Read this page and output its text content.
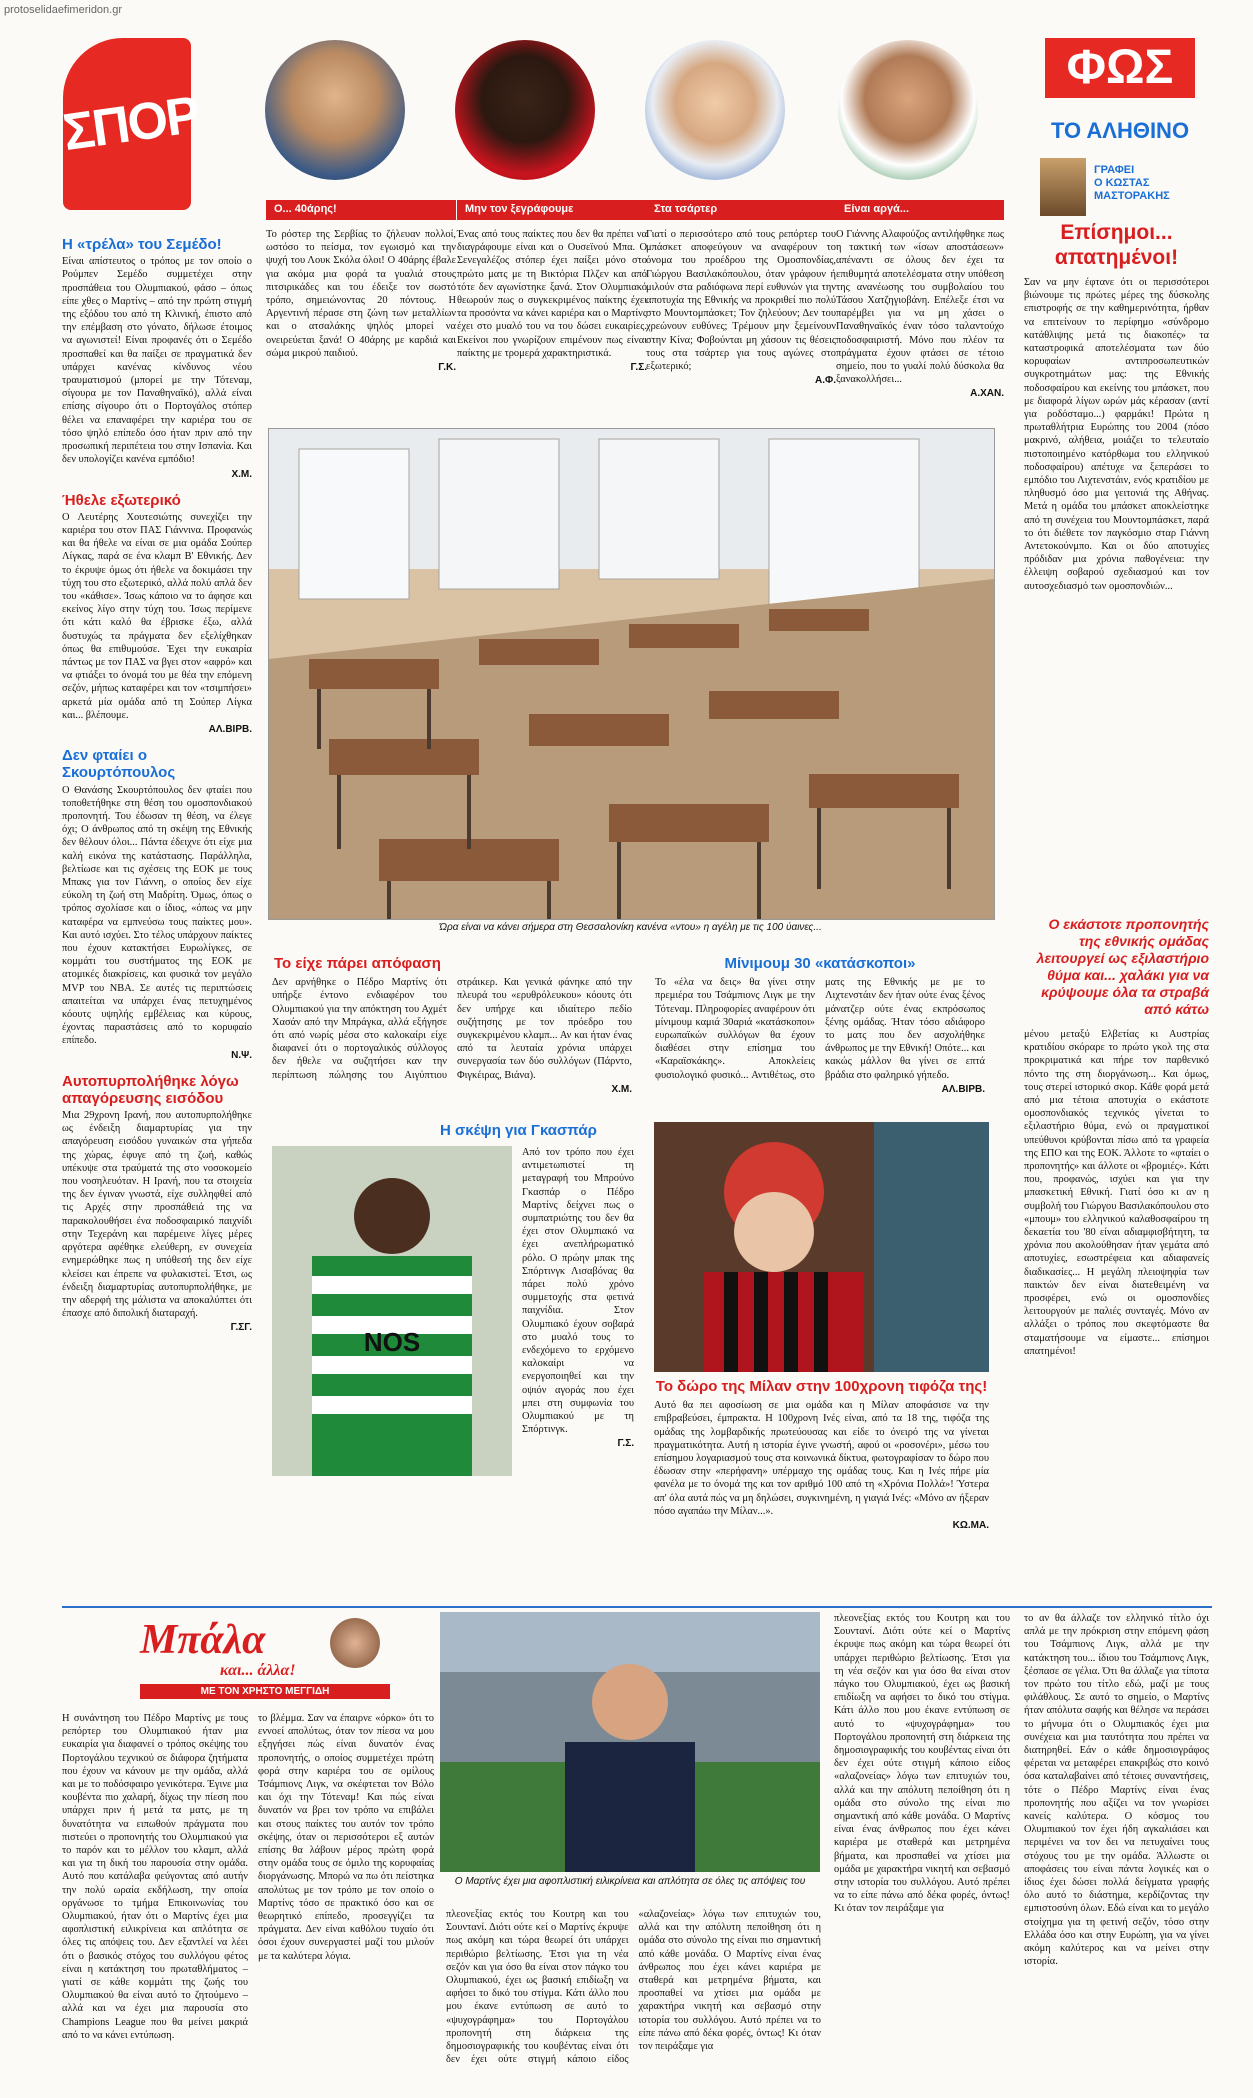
protoselidaefimeridon.gr
ΣΠΟΡ
Ο... 40άρης!
Το ρόστερ της Σερβίας το ζήλευαν πολλοί, ωστόσο το πείσμα, τον εγωισμό και την ψυχή του Λουκ Σκόλα όλοι! Ο 40άρης έβαλε για ακόμα μια φορά τα γυαλιά στους πιτσιρικάδες και του έδειξε τον σωστό τρόπο, σημειώνοντας 20 πόντους. Η Αργεντινή πέρασε στη ζώνη των μεταλλίων και ο ατσαλάκης ψηλός μπορεί να ονειρεύεται ξανά! Ο 40άρης με καρδιά και σώμα μικρού παιδιού.
Γ.Κ.
Μην τον ξεγράφουμε
Ένας από τους παίκτες που δεν θα πρέπει να διαγράφουμε είναι και ο Ουσεϊνού Μπα. Ο Σενεγαλέζος στόπερ έχει παίξει μόνο στο πρώτο ματς με τη Βικτόρια Πλζεν και από τότε δεν αγωνίστηκε ξανά. Στον Ολυμπιακό θεωρούν πως ο συγκεκριμένος παίκτης έχει τα προσόντα να κάνει καριέρα και ο Μαρτίνς έχει στο μυαλό του να του δώσει ευκαιρίες. Εκείνοι που γνωρίζουν επιμένουν πως είναι παίκτης με τρομερά χαρακτηριστικά.
Γ.Σ.
Στα τσάρτερ
Γιατί ο περισσότερο από τους ρεπόρτερ του μπάσκετ αποφεύγουν να αναφέρουν το όνομα του προέδρου της Ομοσπονδίας, Γιώργου Βασιλακόπουλου, όταν γράφουν ή μιλούν στα ραδιόφωνα περί ευθυνών για την αποτυχία της Εθνικής να προκριθεί πιο πολύ στο Μουντομπάσκετ; Τον ζηλεύουν; Δεν του χρεώνουν ευθύνες; Τρέμουν μην ξεμείνουν στην Κίνα; Φοβούνται μη χάσουν τις θέσεις τους στα τσάρτερ για τους αγώνες στο εξωτερικό;
Α.Φ.
Είναι αργά...
Ο Γιάννης Αλαφούζος αντιλήφθηκε πως η τακτική των «ίσων αποστάσεων» απέναντι σε όλους δεν έχει τα επιθυμητά αποτελέσματα στην υπόθεση της ανανέωσης του συμβολαίου του Τάσου Χατζηγιοβάνη. Επέλεξε έτσι να παρέμβει για να μη χάσει ο Παναθηναϊκός έναν τόσο ταλαντούχο ποδοσφαιριστή. Μόνο που πλέον τα πράγματα έχουν φτάσει σε τέτοιο σημείο, που το γυαλί πολύ δύσκολα θα ξανακολλήσει...
Α.ΧΑΝ.
ΦΩΣ
ΤΟ ΑΛΗΘΙΝΟ
ΓΡΑΦΕΙ
Ο ΚΩΣΤΑΣ
ΜΑΣΤΟΡΑΚΗΣ
Η «τρέλα» του Σεμέδο!
Είναι απίστευτος ο τρόπος με τον οποίο ο Ρούμπεν Σεμέδο συμμετέχει στην προσπάθεια του Ολυμπιακού, φάσο – όπως είπε χθες ο Μαρτίνς – από την πρώτη στιγμή της εξόδου του από τη Κλινική, έπιστο από την επέμβαση στο γόνατο, δήλωσε έτοιμος να αγωνιστεί! Είναι προφανές ότι ο Σεμέδο προσπαθεί και θα παίξει σε πραγματικά δεν υπάρχει κανένας κίνδυνος νέου τραυματισμού (μπορεί με την Τότεναμ, σίγουρα με τον Παναθηναϊκό), αλλά είναι επίσης σίγουρο ότι ο Πορτογάλος στόπερ θέλει να επαναφέρει την καριέρα του σε τόσο ψηλό επίπεδο όσο ήταν πριν από την προσωπική περιπέτεια του στην Ισπανία. Και δεν υπολογίζει κανένα εμπόδιο!
Χ.Μ.
Ήθελε εξωτερικό
Ο Λευτέρης Χουτεσιώτης συνεχίζει την καριέρα του στον ΠΑΣ Γιάννινα. Προφανώς και θα ήθελε να είναι σε μια ομάδα Σούπερ Λίγκας, παρά σε ένα κλαμπ Β' Εθνικής. Δεν το έκρυψε όμως ότι ήθελε να δοκιμάσει την τύχη του στο εξωτερικό, αλλά πολύ απλά δεν του «κάθισε». Ίσως κάποιο να το άφησε και εκείνος λίγο στην τύχη του. Ίσως περίμενε ότι κάτι καλό θα έβρισκε έξω, αλλά δυστυχώς τα πράγματα δεν εξελίχθηκαν όπως θα επιθυμούσε. Έχει την ευκαιρία πάντως με τον ΠΑΣ να βγει στον «αφρό» και να φτιάξει το όνομά του με θέα την επόμενη σεζόν, μήπως καταφέρει και τον «τσιμπήσει» αρκετά μία ομάδα από τη Σούπερ Λίγκα και... βλέπουμε.
ΑΛ.ΒΙΡΒ.
Δεν φταίει ο Σκουρτόπουλος
Ο Θανάσης Σκουρτόπουλος δεν φταίει που τοποθετήθηκε στη θέση του ομοσπονδιακού προπονητή. Του έδωσαν τη θέση, να έλεγε όχι; Ο άνθρωπος από τη σκέψη της Εθνικής δεν θέλουν όλοι... Πάντα έδειχνε ότι είχε μια καλή εικόνα της κατάστασης. Παράλληλα, βελτίωσε και τις σχέσεις της ΕΟΚ με τους Μπακς για τον Γιάννη, ο οποίος δεν είχε εύκολη τη ζωή στη Μαδρίτη. Όμως, όπως ο τρόπος σχολίασε και ο ίδιος, «όπως να μην καταφέρα να εμπνεύσω τους παίκτες μου». Και αυτό ισχύει. Στο τέλος υπάρχουν παίκτες που έχουν κατακτήσει Ευρωλίγκες, σε κομμάτι του συστήματος της ΕΟΚ με ατομικές διακρίσεις, και φυσικά τον μεγάλο MVP του NBA. Σε αυτές τις περιπτώσεις απαιτείται να υπάρχει ένας πετυχημένος κόουτς υψηλής εμβέλειας και κύρους, έχοντας παραστάσεις από το κορυφαίο επίπεδο.
Ν.Ψ.
Αυτοπυρπολήθηκε λόγω απαγόρευσης εισόδου
Μια 29χρονη Ιρανή, που αυτοπυρπολήθηκε ως ένδειξη διαμαρτυρίας για την απαγόρευση εισόδου γυναικών στα γήπεδα της χώρας, έφυγε από τη ζωή, καθώς υπέκυψε στα τραύματά της στο νοσοκομείο που νοσηλευόταν. Η Ιρανή, που τα στοιχεία της δεν έγιναν γνωστά, είχε συλληφθεί από τις Αρχές στην προσπάθειά της να παρακολουθήσει ένα ποδοσφαιρικό παιχνίδι στην Τεχεράνη και παρέμεινε λίγες μέρες αργότερα αφέθηκε ελεύθερη, εν συνεχεία ενημερώθηκε πως η υπόθεσή της δεν είχε κλείσει και έπρεπε να φυλακιστεί. Έτσι, ως ένδειξη διαμαρτυρίας αυτοπυρπολήθηκε, με την αδερφή της μάλιστα να αποκαλύπτει ότι έπασχε από διπολική διαταραχή.
Γ.ΣΓ.
Ώρα είναι να κάνει σήμερα στη Θεσσαλονίκη κανένα «ντου» η αγέλη με τις 100 ύαινες...
Το είχε πάρει απόφαση
Δεν αρνήθηκε ο Πέδρο Μαρτίνς ότι υπήρξε έντονο ενδιαφέρον του Ολυμπιακού για την απόκτηση του Αχμέτ Χασάν από την Μπράγκα, αλλά εξήγησε ότι από νωρίς μέσα στο καλοκαίρι είχε διαφανεί ότι ο πορτογαλικός σύλλογος δεν ήθελε να συζητήσει καν την περίπτωση πώλησης του Αιγύπτιου στράικερ. Και γενικά φάνηκε από την πλευρά του «ερυθρόλευκου» κόουτς ότι δεν υπήρχε και ιδιαίτερο πεδίο συζήτησης με τον πρόεδρο του συγκεκριμένου κλαμπ... Αν και ήταν ένας από τα λευταία χρόνια υπάρχει συνεργασία των δύο συλλόγων (Πάρντο, Φιγκέιρας, Βιάνα).
Χ.Μ.
Μίνιμουμ 30 «κατάσκοποι»
Το «έλα να δεις» θα γίνει στην πρεμιέρα του Τσάμπιονς Λιγκ με την Τότεναμ. Πληροφορίες αναφέρουν ότι μίνιμουμ καμιά 30αριά «κατάσκοποι» ευρωπαϊκών συλλόγων θα έχουν διαθέσει στην επίσημα του «Καραϊσκάκης». Αποκλείεις φυσιολογικό φυσικό... Αντιθέτως, στο ματς της Εθνικής με με το Λιχτενστάιν δεν ήταν ούτε ένας ξένος μάνατζερ ούτε ένας εκπρόσωπος ξένης ομάδας. Ήταν τόσο αδιάφορο το ματς που δεν ασχολήθηκε άνθρωπος με την Εθνική! Οπότε... και κακώς μάλλον θα γίνει σε επτά βράδια στο φαληρικό γήπεδο.
ΑΛ.ΒΙΡΒ.
Η σκέψη για Γκασπάρ
NOS
Από τον τρόπο που έχει αντιμετωπιστεί τη μεταγραφή του Μπρούνο Γκασπάρ ο Πέδρο Μαρτίνς δείχνει πως ο συμπατριώτης του δεν θα έχει στον Ολυμπιακό να έχει ανεπλήρωματικό ρόλο. Ο πρώην μπακ της Σπόρτινγκ Λισαβόνας θα πάρει πολύ χρόνο συμμετοχής στα φετινά παιχνίδια. Στον Ολυμπιακό έχουν σοβαρά στο μυαλό τους το ενδεχόμενο το ερχόμενο καλοκαίρι να ενεργοποιηθεί και την οψιόν αγοράς που έχει μπει στη συμφωνία του Ολυμπιακού με τη Σπόρτινγκ.
Γ.Σ.
Το δώρο της Μίλαν στην 100χρονη τιφόζα της!
Αυτό θα πει αφοσίωση σε μια ομάδα και η Μίλαν αποφάσισε να την επιβραβεύσει, έμπρακτα. Η 100χρονη Ινές είναι, από τα 18 της, τιφόζα της ομάδας της λομβαρδικής πρωτεύουσας και είδε το όνειρό της να γίνεται πραγματικότητα. Αυτή η ιστορία έγινε γνωστή, αφού οι «ροσονέρι», μέσω του επίσημου λογαριασμού τους στα κοινωνικά δίκτυα, φωτογραφίσαν το δώρο που έδωσαν στην «περήφανη» υπέρμαχο της ομάδας τους. Και η Ινές πήρε μία φανέλα με το όνομά της και τον αριθμό 100 από τη «Χρόνια Πολλά»! Ύστερα απ' όλα αυτά πώς να μη δηλώσει, συγκινημένη, η γιαγιά Ινές: «Μόνο αν ήξεραν πόσο αγαπάω την Μίλαν...».
ΚΩ.ΜΑ.
Επίσημοι... απατημένοι!
Σαν να μην έφτανε ότι οι περισσότεροι βιώνουμε τις πρώτες μέρες της δύσκολης επιστροφής σε την καθημερινότητα, ήρθαν να επιτείνουν το περίφημο «σύνδρομο κατάθλιψης μετά τις διακοπές» τα καταστροφικά αποτελέσματα των δύο κορυφαίων αντιπροσωπευτικών συγκροτημάτων μας: της Εθνικής ποδοσφαίρου και εκείνης του μπάσκετ, που με διαφορά λίγων ωρών μάς κέρασαν (αντί για ροδόσταμο...) φαρμάκι! Πρώτα η πρωταθλήτρια Ευρώπης του 2004 (πόσο μακρινό, αλήθεια, μοιάζει το τελευταίο πιστοποιημένο κατόρθωμα του ελληνικού ποδοσφαίρου) απέτυχε να ξεπεράσει το εμπόδιο του Λιχτενστάιν, ενός κρατιδίου με πληθυσμό όσο μια γειτονιά της Αθήνας. Μετά η ομάδα του μπάσκετ αποκλείστηκε από τη συνέχεια του Μουντομπάσκετ, παρά το ότι διέθετε τον παγκόσμιο σταρ Γιάννη Αντετοκούνμπο. Και οι δύο αποτυχίες πρόδιδαν μια χρόνια παθογένεια: την έλλειψη σοβαρού σχεδιασμού και τον αυτοσχεδιασμό των ομοσπονδιών...
Ο εκάστοτε προπονητής της εθνικής ομάδας λειτουργεί ως εξιλαστήριο θύμα και... χαλάκι για να κρύψουμε όλα τα στραβά από κάτω
μένου μεταξύ Ελβετίας κι Αυστρίας κρατιδίου σκόραρε το πρώτο γκολ της στα προκριματικά και πήρε τον παρθενικό πόντο της στη διοργάνωση... Και όμως, τους στερεί ιστορικό σκορ. Κάθε φορά μετά από μια τέτοια αποτυχία ο εκάστοτε ομοσπονδιακός τεχνικός γίνεται το εξιλαστήριο θύμα, ενώ οι πραγματικοί υπεύθυνοι κρύβονται πίσω από τα γραφεία της ΕΠΟ και της ΕΟΚ. Άλλοτε το «φταίει ο προπονητής» και άλλοτε οι «βρομιές». Κάτι που, προφανώς, ισχύει και για την μπασκετική Εθνική. Γιατί όσο κι αν η συμβολή του Γιώργου Βασιλακόπουλου στο «μπουμ» του ελληνικού καλαθοσφαίρου τη δεκαετία του '80 είναι αδιαμφισβήτητη, τα χρόνια που ακολούθησαν ήταν γεμάτα από αποτυχίες, εσωστρέφεια και αδιαφανείς διαδικασίες... Η μεγάλη πλειοψηφία των παικτών δεν είναι διατεθειμένη να προσφέρει, ενώ οι ομοσπονδίες λειτουργούν με παλιές συνταγές. Μόνο αν αλλάξει ο τρόπος που σκεφτόμαστε θα σταματήσουμε να είμαστε... επίσημοι απατημένοι!
Μπάλα
και... άλλα!
ΜΕ ΤΟΝ ΧΡΗΣΤΟ ΜΕΓΓΙΔΗ
Ο Μαρτίνς έχει μια αφοπλιστική ειλικρίνεια και απλότητα σε όλες τις απόψεις του
Η συνάντηση του Πέδρο Μαρτίνς με τους ρεπόρτερ του Ολυμπιακού ήταν μια ευκαιρία για διαφανεί ο τρόπος σκέψης του Πορτογάλου τεχνικού σε διάφορα ζητήματα που έχουν να κάνουν με την ομάδα, αλλά και με το ποδόσφαιρο γενικότερα. Έγινε μια κουβέντα πιο χαλαρή, δίχως την πίεση που υπάρχει πριν ή μετά τα ματς, με τη δυνατότητα να ειπωθούν πράγματα που πιστεύει ο προπονητής του Ολυμπιακού για το παρόν και το μέλλον του κλαμπ, αλλά και για τη δική του παρουσία στην ομάδα. Αυτό που κατάλαβα φεύγοντας από αυτήν την πολύ ωραία εκδήλωση, την οποία οργάνωσε το τμήμα Επικοινωνίας του Ολυμπιακού, ήταν ότι ο Μαρτίνς έχει μια αφοπλιστική ειλικρίνεια και απλότητα σε όλες τις απόψεις του. Δεν εξαντλεί να λέει ότι ο βασικός στόχος του συλλόγου φέτος είναι η κατάκτηση του πρωταθλήματος – γιατί σε κάθε κομμάτι της ζωής του Ολυμπιακού θα είναι αυτό το ζητούμενο – αλλά και να έχει μια παρουσία στο Champions League που θα μείνει μακριά από το να κάνει εντύπωση.
το βλέμμα. Σαν να έπαιρνε «όρκο» ότι το εννοεί απολύτως, όταν τον πίεσα να μου εξηγήσει πώς είναι δυνατόν ένας προπονητής, ο οποίος συμμετέχει πρώτη φορά στην καριέρα του σε ομίλους Τσάμπιονς Λιγκ, να σκέφτεται τον Βόλο και όχι την Τότεναμ! Και πώς είναι δυνατόν να βρει τον τρόπο να επιβάλει και στους παίκτες του αυτόν τον τρόπο σκέψης, όταν οι περισσότεροι εξ αυτών επίσης θα λάβουν μέρος πρώτη φορά στην ομάδα τους σε όμιλο της κορυφαίας διοργάνωσης. Μπορώ να πω ότι πείστηκα απολύτως με τον τρόπο με τον οποίο ο Μαρτίνς τόσο σε πρακτικό όσο και σε θεωρητικό επίπεδο, προσεγγίζει τα πράγματα. Δεν είναι καθόλου τυχαίο ότι όσοι έχουν συνεργαστεί μαζί του μιλούν με τα καλύτερα λόγια.
πλεονεξίας εκτός του Κουτρη και του Σουντανί. Διότι ούτε κεί ο Μαρτίνς έκρυψε πως ακόμη και τώρα θεωρεί ότι υπάρχει περιθώριο βελτίωσης. Έτσι για τη νέα σεζόν και για όσο θα είναι στον πάγκο του Ολυμπιακού, έχει ως βασική επιδίωξη να αφήσει το δικό του στίγμα. Κάτι άλλο που μου έκανε εντύπωση σε αυτό το «ψυχογράφημα» του Πορτογάλου προπονητή στη διάρκεια της δημοσιογραφικής του κουβέντας είναι ότι δεν έχει ούτε στιγμή κάποιο είδος «αλαζονείας» λόγω των επιτυχιών του, αλλά και την απόλυτη πεποίθηση ότι η ομάδα στο σύνολο της είναι πιο σημαντική από κάθε μονάδα. Ο Μαρτίνς είναι ένας άνθρωπος που έχει κάνει καριέρα με σταθερά και μετρημένα βήματα, και προσπαθεί να χτίσει μια ομάδα με χαρακτήρα νικητή και σεβασμό στην ιστορία του συλλόγου. Αυτό πρέπει να το είπε πάνω από δέκα φορές, όντως! Κι όταν τον πειράξαμε για
πλεονεξίας εκτός του Κουτρη και του Σουντανί. Διότι ούτε κεί ο Μαρτίνς έκρυψε πως ακόμη και τώρα θεωρεί ότι υπάρχει περιθώριο βελτίωσης. Έτσι για τη νέα σεζόν και για όσο θα είναι στον πάγκο του Ολυμπιακού, έχει ως βασική επιδίωξη να αφήσει το δικό του στίγμα. Κάτι άλλο που μου έκανε εντύπωση σε αυτό το «ψυχογράφημα» του Πορτογάλου προπονητή στη διάρκεια της δημοσιογραφικής του κουβέντας είναι ότι δεν έχει ούτε στιγμή κάποιο είδος «αλαζονείας» λόγω των επιτυχιών του, αλλά και την απόλυτη πεποίθηση ότι η ομάδα στο σύνολο της είναι πιο σημαντική από κάθε μονάδα. Ο Μαρτίνς είναι ένας άνθρωπος που έχει κάνει καριέρα με σταθερά και μετρημένα βήματα, και προσπαθεί να χτίσει μια ομάδα με χαρακτήρα νικητή και σεβασμό στην ιστορία του συλλόγου. Αυτό πρέπει να το είπε πάνω από δέκα φορές, όντως! Κι όταν τον πειράξαμε για
το αν θα άλλαζε τον ελληνικό τίτλο όχι απλά με την πρόκριση στην επόμενη φάση του Τσάμπιονς Λιγκ, αλλά με την κατάκτηση του... ίδιου του Τσάμπιονς Λιγκ, ξέσπασε σε γέλια. Ότι θα άλλαζε για τίποτα τον πρώτο του τίτλο εδώ, μαζί με τους φιλάθλους. Σε αυτό το σημείο, ο Μαρτίνς ήταν απόλυτα σαφής και θέλησε να περάσει το μήνυμα ότι ο Ολυμπιακός έχει μια συνέχεια και μια ταυτότητα που πρέπει να διατηρηθεί. Εάν ο κάθε δημοσιογράφος φέρεται να μεταφέρει επακριβώς στο κοινό όσα καταλαβαίνει από τέτοιες συναντήσεις, τότε ο Πέδρο Μαρτίνς είναι ένας προπονητής που αξίζει να τον γνωρίσει κανείς καλύτερα. Ο κόσμος του Ολυμπιακού τον έχει ήδη αγκαλιάσει και περιμένει να τον δει να πετυχαίνει τους στόχους του με την ομάδα. Άλλωστε οι αποφάσεις του είναι πάντα λογικές και ο ίδιος έχει δώσει πολλά δείγματα γραφής όλο αυτό το διάστημα, κερδίζοντας την εμπιστοσύνη όλων. Εδώ είναι και το μεγάλο στοίχημα για τη φετινή σεζόν, τόσο στην Ελλάδα όσο και στην Ευρώπη, για να γίνει ακόμη καλύτερος και να μείνει στην ιστορία.
